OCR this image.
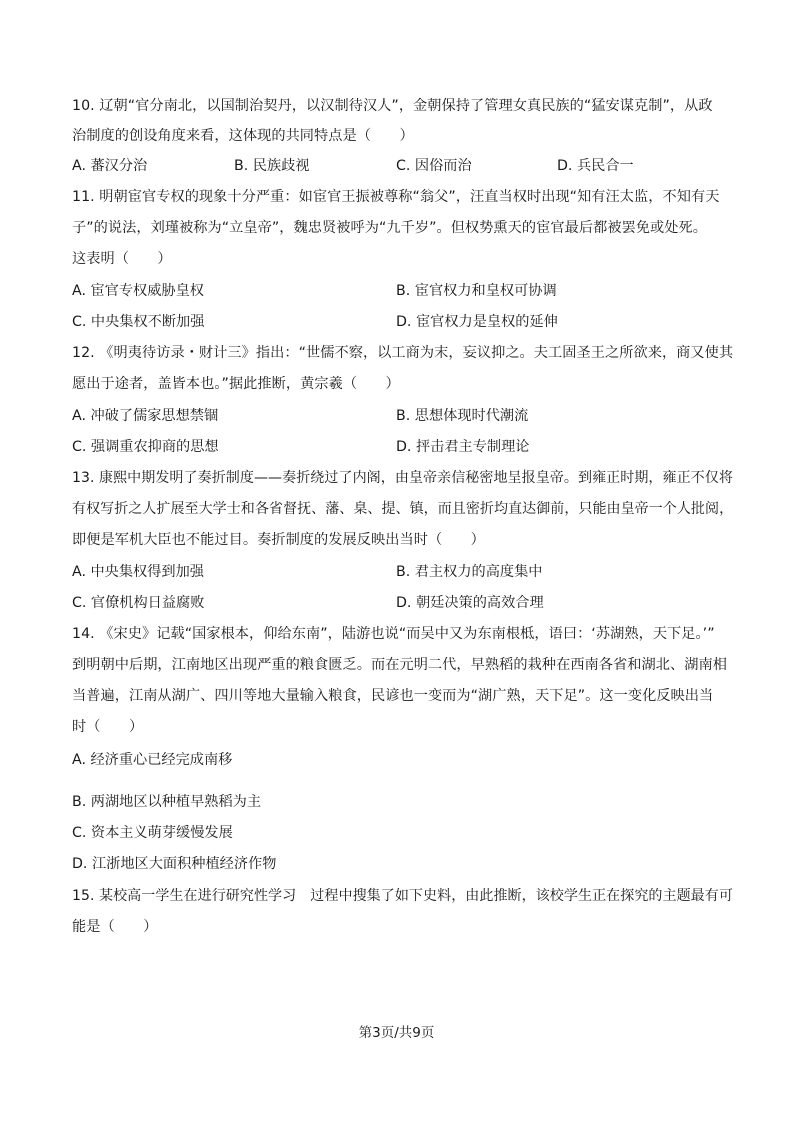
10. 辽朝“官分南北，以国制治契丹，以汉制待汉人”，金朝保持了管理女真民族的“猛安谋克制”，从政
治制度的创设角度来看，这体现的共同特点是（　　）
A. 蕃汉分治	B. 民族歧视	C. 因俗而治	D. 兵民合一
11. 明朝宦官专权的现象十分严重：如宦官王振被尊称“翁父”，汪直当权时出现“知有汪太监，不知有天
子”的说法，刘瑾被称为“立皇帝”，魏忠贤被呼为“九千岁”。但权势熏天的宦官最后都被罢免或处死。
这表明（　　）
A. 宦官专权威胁皇权	B. 宦官权力和皇权可协调
C. 中央集权不断加强	D. 宦官权力是皇权的延伸
12. 《明夷待访录・财计三》指出：“世儒不察，以工商为末，妄议抑之。夫工固圣王之所欲来，商又使其
愿出于途者，盖皆本也。”据此推断，黄宗羲（　　）
A. 冲破了儒家思想禁锢	B. 思想体现时代潮流
C. 强调重农抑商的思想	D. 抨击君主专制理论
13. 康熙中期发明了奏折制度——奏折绕过了内阁，由皇帝亲信秘密地呈报皇帝。到雍正时期，雍正不仅将
有权写折之人扩展至大学士和各省督抚、藩、臬、提、镇，而且密折均直达御前，只能由皇帝一个人批阅，
即便是军机大臣也不能过目。奏折制度的发展反映出当时（　　）
A. 中央集权得到加强	B. 君主权力的高度集中
C. 官僚机构日益腐败	D. 朝廷决策的高效合理
14. 《宋史》记载“国家根本，仰给东南”，陆游也说“而吴中又为东南根柢，语曰：‘苏湖熟，天下足。’”
到明朝中后期，江南地区出现严重的粮食匮乏。而在元明二代，早熟稻的栽种在西南各省和湖北、湖南相
当普遍，江南从湖广、四川等地大量输入粮食，民谚也一变而为“湖广熟，天下足”。这一变化反映出当
时（　　）
A. 经济重心已经完成南移
B. 两湖地区以种植早熟稻为主
C. 资本主义萌芽缓慢发展
D. 江浙地区大面积种植经济作物
15. 某校高一学生在进行研究性学习　过程中搜集了如下史料，由此推断，该校学生正在探究的主题最有可
能是（　　）
第3页/共9页
